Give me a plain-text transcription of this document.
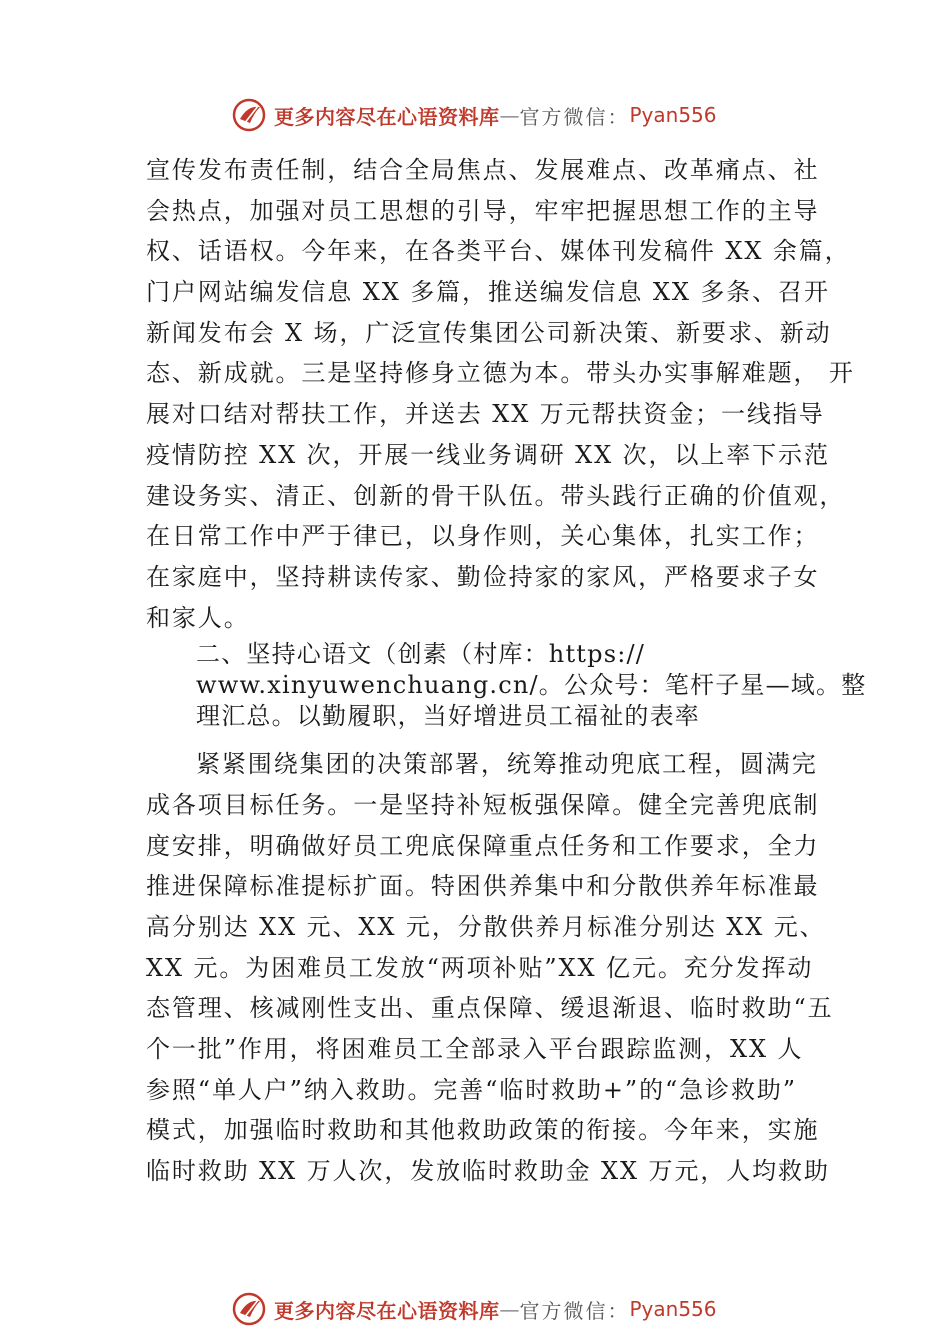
更多内容尽在心语资料库 — 官方微信： Pyan556
宣传发布责任制，结合全局焦点、发展难点、改革痛点、社
会热点，加强对员工思想的引导，牢牢把握思想工作的主导
权、话语权。今年来，在各类平台、媒体刊发稿件 XX 余篇，
门户网站编发信息 XX 多篇，推送编发信息 XX 多条、召开
新闻发布会 X 场，广泛宣传集团公司新决策、新要求、新动
态、新成就。三是坚持修身立德为本。带头办实事解难题， 开
展对口结对帮扶工作，并送去 XX 万元帮扶资金；一线指导
疫情防控 XX 次，开展一线业务调研 XX 次，以上率下示范
建设务实、清正、创新的骨干队伍。带头践行正确的价值观，
在日常工作中严于律已，以身作则，关心集体，扎实工作；
在家庭中，坚持耕读传家、勤俭持家的家风，严格要求子女
和家人。
二、坚持心语文（创素（村库：https://
www.xinyuwenchuang.cn/。公众号：笔杆子星—域。整
理汇总。以勤履职，当好增进员工福祉的表率
紧紧围绕集团的决策部署，统筹推动兜底工程，圆满完
成各项目标任务。一是坚持补短板强保障。健全完善兜底制
度安排，明确做好员工兜底保障重点任务和工作要求，全力
推进保障标准提标扩面。特困供养集中和分散供养年标准最
高分别达 XX 元、XX 元，分散供养月标准分别达 XX 元、
XX 元。为困难员工发放“两项补贴”XX 亿元。充分发挥动
态管理、核减刚性支出、重点保障、缓退渐退、临时救助“五
个一批”作用，将困难员工全部录入平台跟踪监测，XX 人
参照“单人户”纳入救助。完善“临时救助+”的“急诊救助”
模式，加强临时救助和其他救助政策的衔接。今年来，实施
临时救助 XX 万人次，发放临时救助金 XX 万元，人均救助
更多内容尽在心语资料库 — 官方微信： Pyan556
